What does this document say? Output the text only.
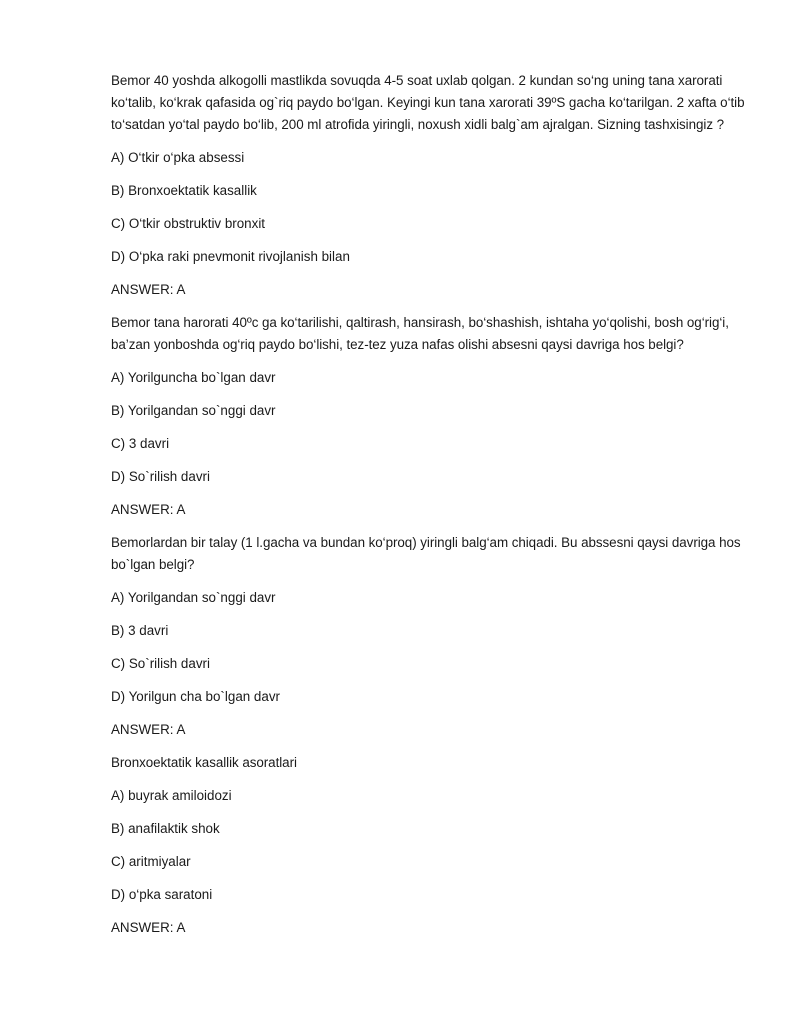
Bemor 40 yoshda alkogolli mastlikda sovuqda 4-5 soat uxlab qolgan. 2 kundan so‘ng uning tana xarorati ko‘talib, ko‘krak qafasida og`riq paydo bo‘lgan. Keyingi kun tana xarorati 39ºS gacha ko‘tarilgan. 2 xafta o‘tib to‘satdan yo‘tal paydo bo‘lib, 200 ml atrofida yiringli, noxush xidli balg`am ajralgan. Sizning tashxisingiz ?

A) O‘tkir o‘pka absessi

B) Bronxoektatik kasallik

C) O‘tkir obstruktiv bronxit

D) O‘pka raki pnevmonit rivojlanish bilan

ANSWER: A

Bemor tana harorati 40ºc ga ko‘tarilishi, qaltirash, hansirash, bo‘shashish, ishtaha yo‘qolishi, bosh og‘rig‘i, ba’zan yonboshda og‘riq paydo bo‘lishi, tez-tez yuza nafas olishi absesni qaysi davriga hos belgi?

A) Yorilguncha bo`lgan davr

B) Yorilgandan so`nggi davr

C) 3 davri

D) So`rilish davri

ANSWER: A

Bemorlardan bir talay (1 l.gacha va bundan ko‘proq) yiringli balg‘am chiqadi. Bu abssesni qaysi davriga hos bo`lgan belgi?

A) Yorilgandan so`nggi davr

B) 3 davri

C) So`rilish davri

D) Yorilgun cha bo`lgan davr

ANSWER: A

Bronxoektatik kasallik asoratlari

A) buyrak amiloidozi

B) anafilaktik shok

C) aritmiyalar

D) o‘pka saratoni

ANSWER: A
